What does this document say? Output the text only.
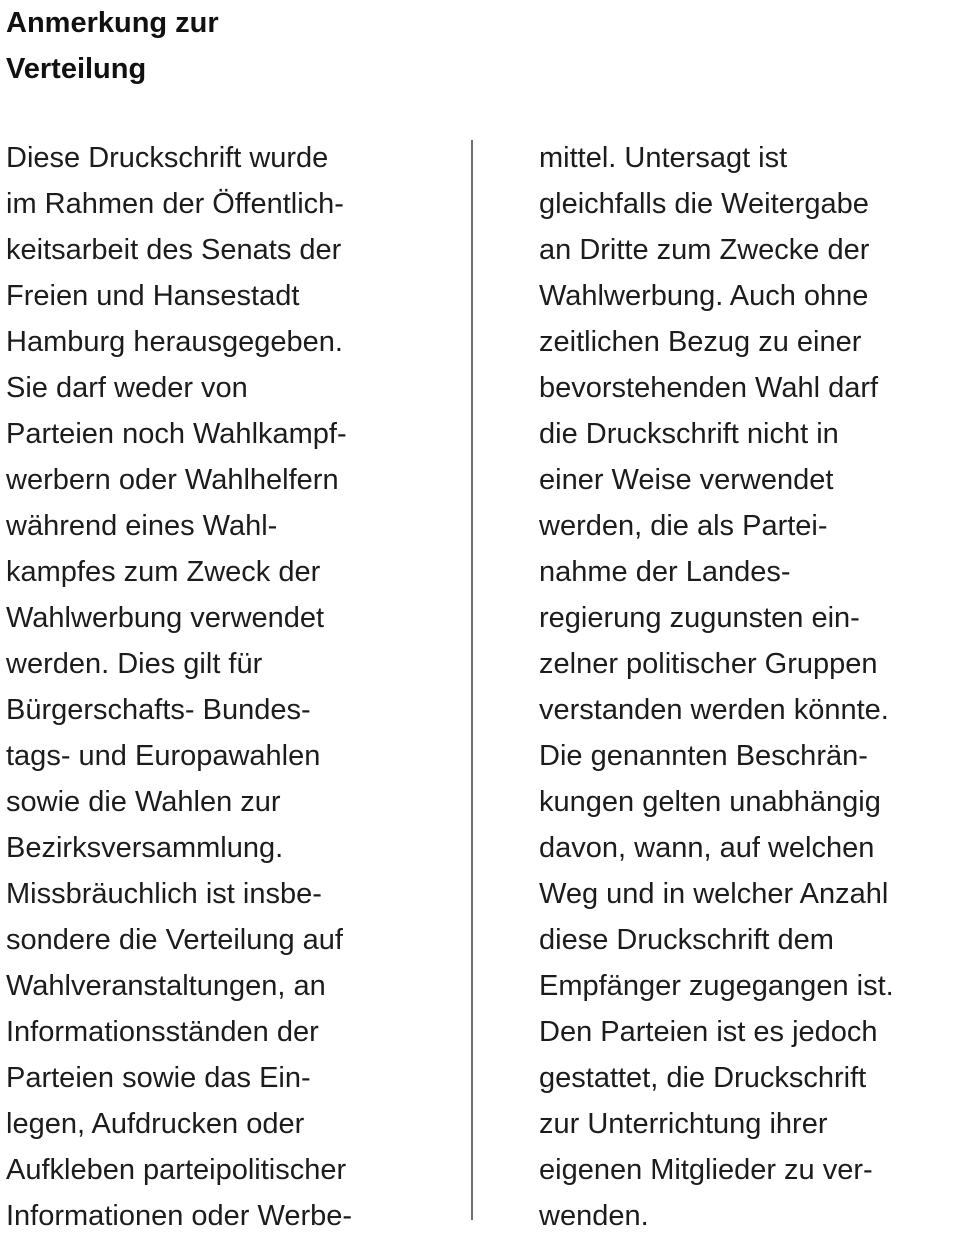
Anmerkung zur
Verteilung
Diese Druckschrift wurde
im Rahmen der Öffentlich-
keitsarbeit des Senats der
Freien und Hansestadt
Hamburg herausgegeben.
Sie darf weder von
Parteien noch Wahlkampf-
werbern oder Wahlhelfern
während eines Wahl-
kampfes zum Zweck der
Wahlwerbung verwendet
werden. Dies gilt für
Bürgerschafts- Bundes-
tags- und Europawahlen
sowie die Wahlen zur
Bezirksversammlung.
Missbräuchlich ist insbe-
sondere die Verteilung auf
Wahlveranstaltungen, an
Informationsständen der
Parteien sowie das Ein-
legen, Aufdrucken oder
Aufkleben parteipolitischer
Informationen oder Werbe-
mittel. Untersagt ist
gleichfalls die Weitergabe
an Dritte zum Zwecke der
Wahlwerbung. Auch ohne
zeitlichen Bezug zu einer
bevorstehenden Wahl darf
die Druckschrift nicht in
einer Weise verwendet
werden, die als Partei-
nahme der Landes-
regierung zugunsten ein-
zelner politischer Gruppen
verstanden werden könnte.
Die genannten Beschrän-
kungen gelten unabhängig
davon, wann, auf welchen
Weg und in welcher Anzahl
diese Druckschrift dem
Empfänger zugegangen ist.
Den Parteien ist es jedoch
gestattet, die Druckschrift
zur Unterrichtung ihrer
eigenen Mitglieder zu ver-
wenden.
